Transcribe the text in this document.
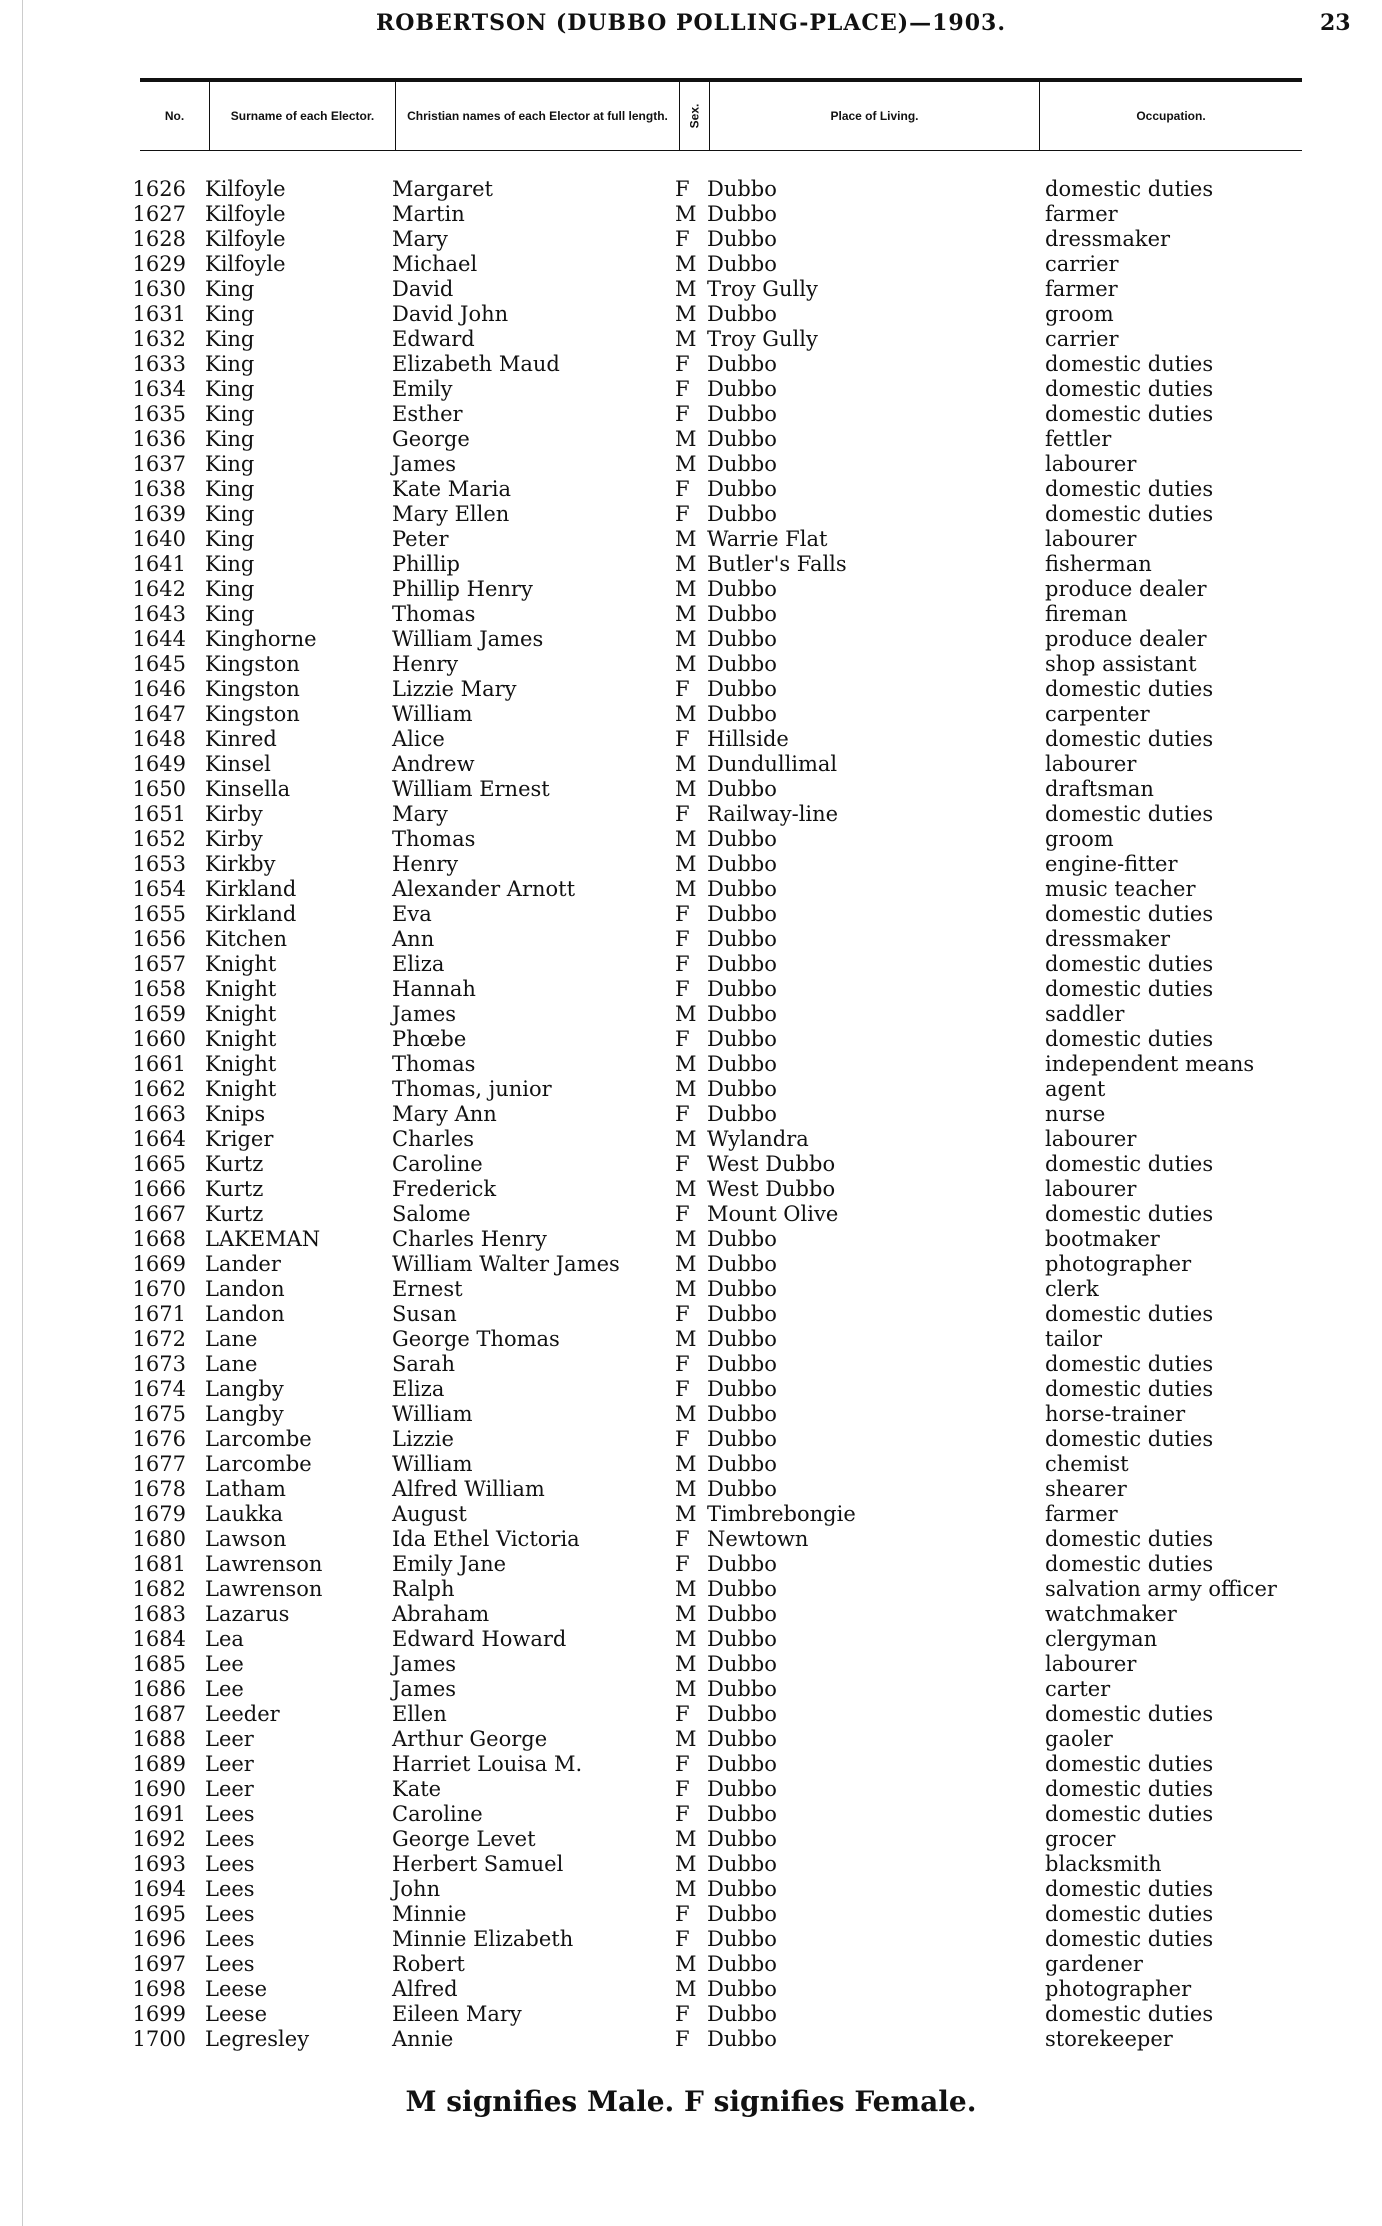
ROBERTSON (DUBBO POLLING-PLACE)—1903.	23
No.	Surname of each Elector.	Christian names of each Elector at full length.	Sex.	Place of Living.	Occupation.
1626 Kilfoyle	Margaret	F Dubbo	domestic duties
1627 Kilfoyle	Martin	M Dubbo	farmer
1628 Kilfoyle	Mary	F Dubbo	dressmaker
1629 Kilfoyle	Michael	M Dubbo	carrier
1630 King	David	M Troy Gully	farmer
1631 King	David John	M Dubbo	groom
1632 King	Edward	M Troy Gully	carrier
1633 King	Elizabeth Maud	F Dubbo	domestic duties
1634 King	Emily	F Dubbo	domestic duties
1635 King	Esther	F Dubbo	domestic duties
1636 King	George	M Dubbo	fettler
1637 King	James	M Dubbo	labourer
1638 King	Kate Maria	F Dubbo	domestic duties
1639 King	Mary Ellen	F Dubbo	domestic duties
1640 King	Peter	M Warrie Flat	labourer
1641 King	Phillip	M Butler's Falls	fisherman
1642 King	Phillip Henry	M Dubbo	produce dealer
1643 King	Thomas	M Dubbo	fireman
1644 Kinghorne	William James	M Dubbo	produce dealer
1645 Kingston	Henry	M Dubbo	shop assistant
1646 Kingston	Lizzie Mary	F Dubbo	domestic duties
1647 Kingston	William	M Dubbo	carpenter
1648 Kinred	Alice	F Hillside	domestic duties
1649 Kinsel	Andrew	M Dundullimal	labourer
1650 Kinsella	William Ernest	M Dubbo	draftsman
1651 Kirby	Mary	F Railway-line	domestic duties
1652 Kirby	Thomas	M Dubbo	groom
1653 Kirkby	Henry	M Dubbo	engine-fitter
1654 Kirkland	Alexander Arnott	M Dubbo	music teacher
1655 Kirkland	Eva	F Dubbo	domestic duties
1656 Kitchen	Ann	F Dubbo	dressmaker
1657 Knight	Eliza	F Dubbo	domestic duties
1658 Knight	Hannah	F Dubbo	domestic duties
1659 Knight	James	M Dubbo	saddler
1660 Knight	Phœbe	F Dubbo	domestic duties
1661 Knight	Thomas	M Dubbo	independent means
1662 Knight	Thomas, junior	M Dubbo	agent
1663 Knips	Mary Ann	F Dubbo	nurse
1664 Kriger	Charles	M Wylandra	labourer
1665 Kurtz	Caroline	F West Dubbo	domestic duties
1666 Kurtz	Frederick	M West Dubbo	labourer
1667 Kurtz	Salome	F Mount Olive	domestic duties
1668 LAKEMAN	Charles Henry	M Dubbo	bootmaker
1669 Lander	William Walter James	M Dubbo	photographer
1670 Landon	Ernest	M Dubbo	clerk
1671 Landon	Susan	F Dubbo	domestic duties
1672 Lane	George Thomas	M Dubbo	tailor
1673 Lane	Sarah	F Dubbo	domestic duties
1674 Langby	Eliza	F Dubbo	domestic duties
1675 Langby	William	M Dubbo	horse-trainer
1676 Larcombe	Lizzie	F Dubbo	domestic duties
1677 Larcombe	William	M Dubbo	chemist
1678 Latham	Alfred William	M Dubbo	shearer
1679 Laukka	August	M Timbrebongie	farmer
1680 Lawson	Ida Ethel Victoria	F Newtown	domestic duties
1681 Lawrenson	Emily Jane	F Dubbo	domestic duties
1682 Lawrenson	Ralph	M Dubbo	salvation army officer
1683 Lazarus	Abraham	M Dubbo	watchmaker
1684 Lea	Edward Howard	M Dubbo	clergyman
1685 Lee	James	M Dubbo	labourer
1686 Lee	James	M Dubbo	carter
1687 Leeder	Ellen	F Dubbo	domestic duties
1688 Leer	Arthur George	M Dubbo	gaoler
1689 Leer	Harriet Louisa M.	F Dubbo	domestic duties
1690 Leer	Kate	F Dubbo	domestic duties
1691 Lees	Caroline	F Dubbo	domestic duties
1692 Lees	George Levet	M Dubbo	grocer
1693 Lees	Herbert Samuel	M Dubbo	blacksmith
1694 Lees	John	M Dubbo	domestic duties
1695 Lees	Minnie	F Dubbo	domestic duties
1696 Lees	Minnie Elizabeth	F Dubbo	domestic duties
1697 Lees	Robert	M Dubbo	gardener
1698 Leese	Alfred	M Dubbo	photographer
1699 Leese	Eileen Mary	F Dubbo	domestic duties
1700 Legresley	Annie	F Dubbo	storekeeper
M signifies Male. F signifies Female.
